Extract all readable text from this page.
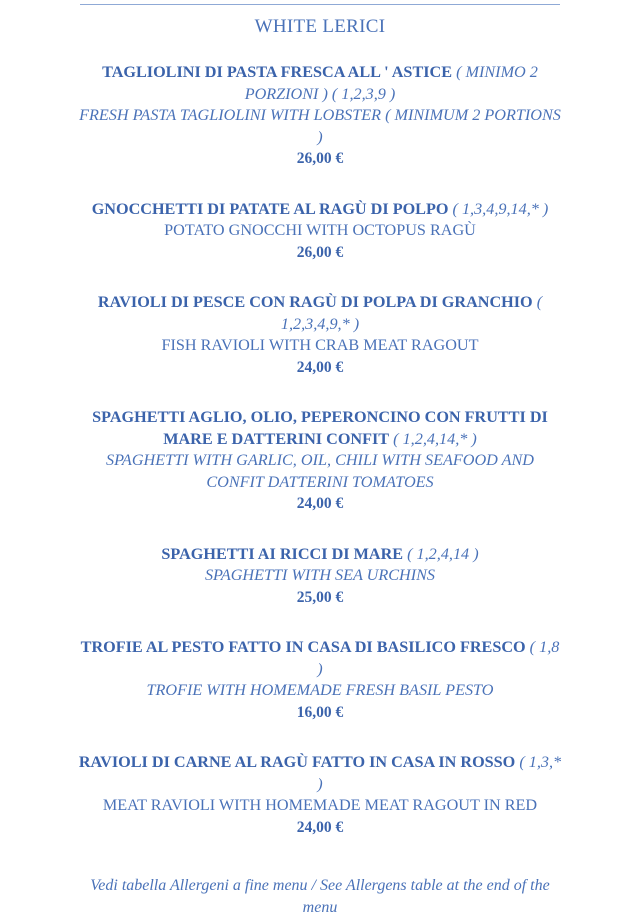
WHITE LERICI
TAGLIOLINI DI PASTA FRESCA ALL ' ASTICE ( MINIMO 2 PORZIONI ) ( 1,2,3,9 )
FRESH PASTA TAGLIOLINI WITH LOBSTER ( MINIMUM 2 PORTIONS )
26,00 €
GNOCCHETTI DI PATATE AL RAGÙ DI POLPO ( 1,3,4,9,14,* )
POTATO GNOCCHI WITH OCTOPUS RAGÙ
26,00 €
RAVIOLI DI PESCE CON RAGÙ DI POLPA DI GRANCHIO ( 1,2,3,4,9,* )
FISH RAVIOLI WITH CRAB MEAT RAGOUT
24,00 €
SPAGHETTI AGLIO, OLIO, PEPERONCINO CON FRUTTI DI MARE E DATTERINI CONFIT ( 1,2,4,14,* )
SPAGHETTI WITH GARLIC, OIL, CHILI WITH SEAFOOD AND CONFIT DATTERINI TOMATOES
24,00 €
SPAGHETTI AI RICCI DI MARE ( 1,2,4,14 )
SPAGHETTI WITH SEA URCHINS
25,00 €
TROFIE AL PESTO FATTO IN CASA DI BASILICO FRESCO ( 1,8 )
TROFIE WITH HOMEMADE FRESH BASIL PESTO
16,00 €
RAVIOLI DI CARNE AL RAGÙ FATTO IN CASA IN ROSSO ( 1,3,* )
MEAT RAVIOLI WITH HOMEMADE MEAT RAGOUT IN RED
24,00 €
Vedi tabella Allergeni a fine menu / See Allergens table at the end of the menu
